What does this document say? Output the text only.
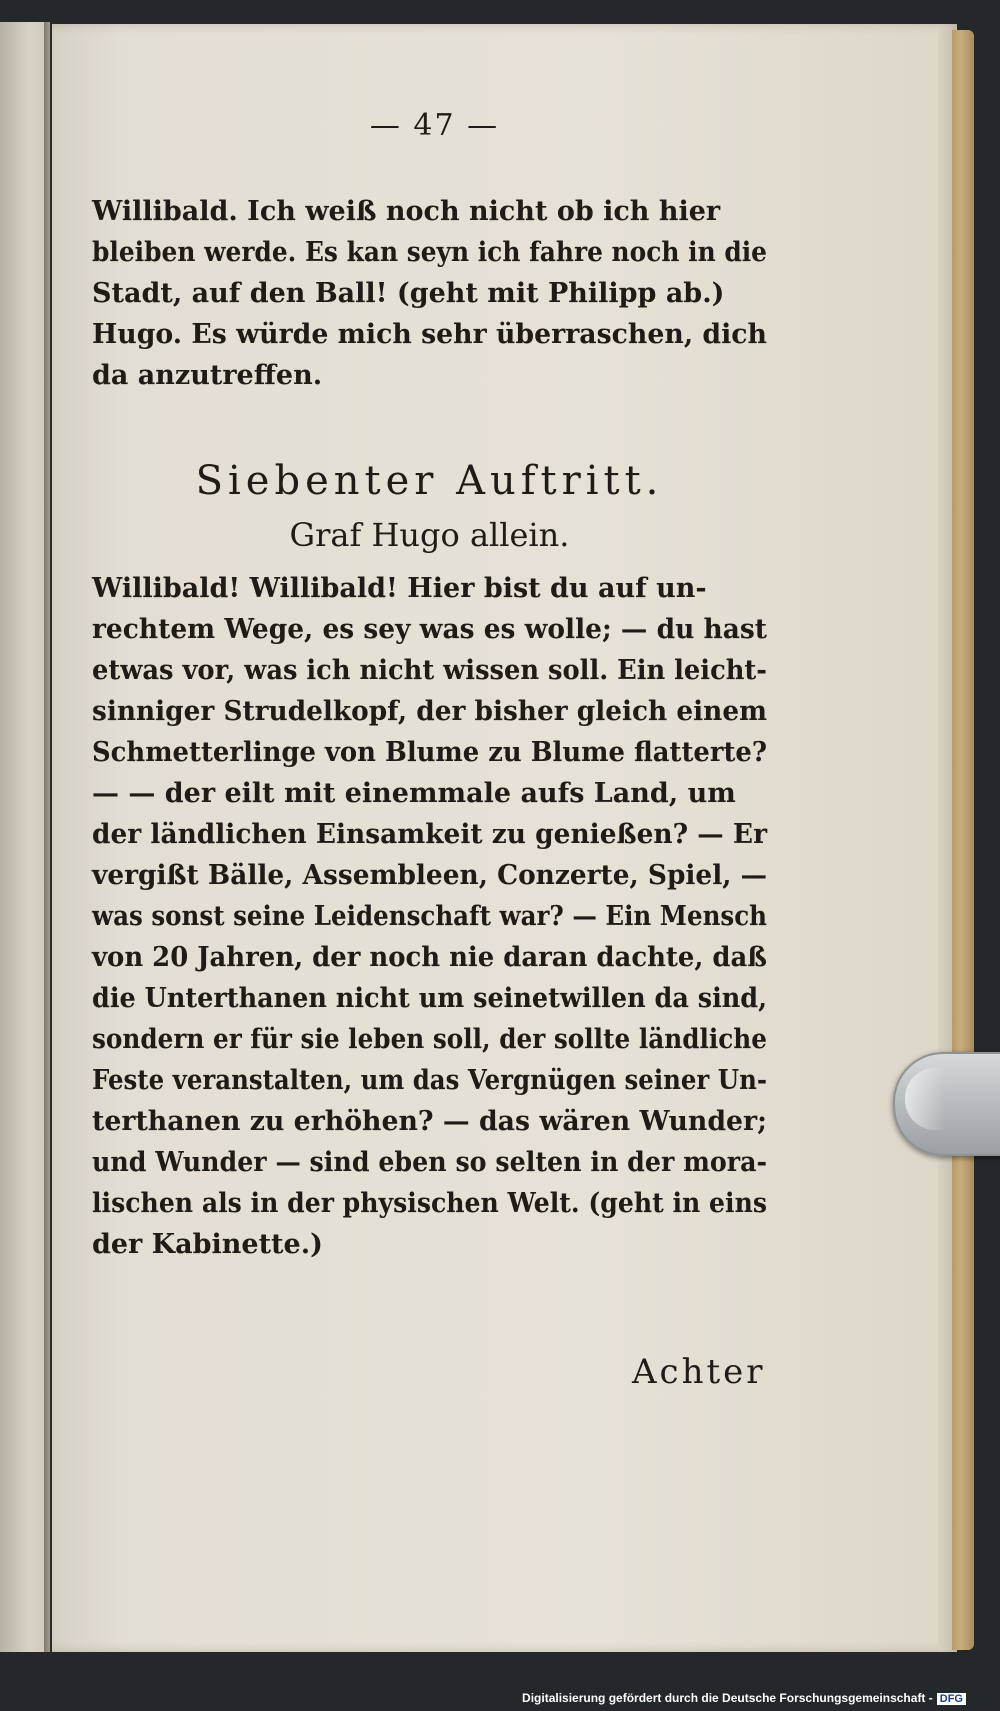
— 47 —
Willibald. Ich weiß noch nicht ob ich hier
bleiben werde. Es kan seyn ich fahre noch in die
Stadt, auf den Ball! (geht mit Philipp ab.)
Hugo. Es würde mich sehr überraschen, dich
da anzutreffen.
Siebenter Auftritt.
Graf Hugo allein.
Willibald! Willibald! Hier bist du auf un-
rechtem Wege, es sey was es wolle; — du hast
etwas vor, was ich nicht wissen soll. Ein leicht-
sinniger Strudelkopf, der bisher gleich einem
Schmetterlinge von Blume zu Blume flatterte?
— — der eilt mit einemmale aufs Land, um
der ländlichen Einsamkeit zu genießen? — Er
vergißt Bälle, Assembleen, Conzerte, Spiel, —
was sonst seine Leidenschaft war? — Ein Mensch
von 20 Jahren, der noch nie daran dachte, daß
die Unterthanen nicht um seinetwillen da sind,
sondern er für sie leben soll, der sollte ländliche
Feste veranstalten, um das Vergnügen seiner Un-
terthanen zu erhöhen? — das wären Wunder;
und Wunder — sind eben so selten in der mora-
lischen als in der physischen Welt. (geht in eins
der Kabinette.)
Achter
Digitalisierung gefördert durch die Deutsche Forschungsgemeinschaft - DFG
